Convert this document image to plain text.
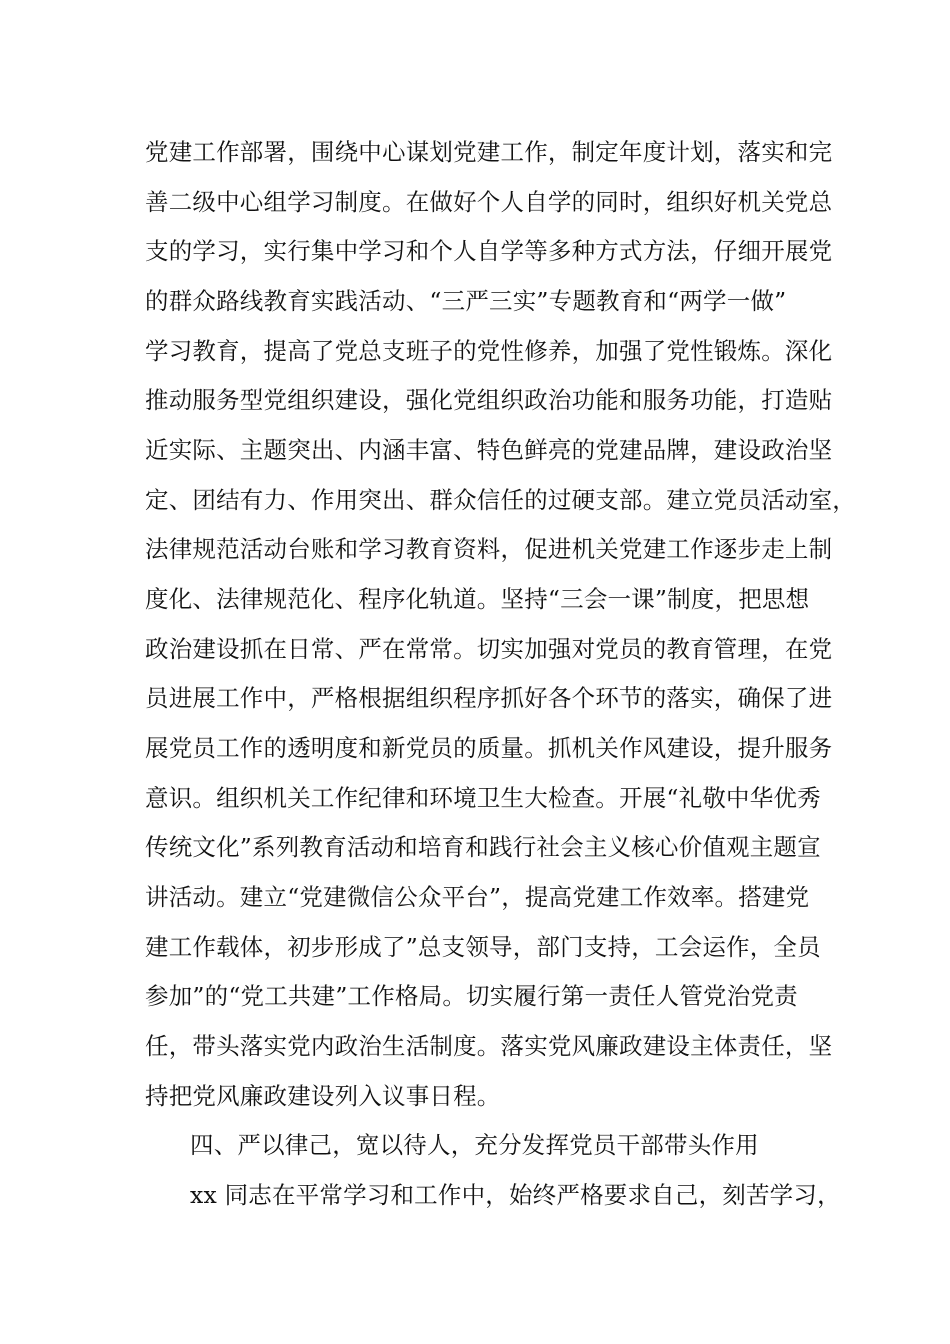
党建工作部署，围绕中心谋划党建工作，制定年度计划，落实和完
善二级中心组学习制度。在做好个人自学的同时，组织好机关党总
支的学习，实行集中学习和个人自学等多种方式方法，仔细开展党
的群众路线教育实践活动、“三严三实”专题教育和“两学一做”
学习教育，提高了党总支班子的党性修养，加强了党性锻炼。深化
推动服务型党组织建设，强化党组织政治功能和服务功能，打造贴
近实际、主题突出、内涵丰富、特色鲜亮的党建品牌，建设政治坚
定、团结有力、作用突出、群众信任的过硬支部。建立党员活动室，
法律规范活动台账和学习教育资料，促进机关党建工作逐步走上制
度化、法律规范化、程序化轨道。坚持“三会一课”制度，把思想
政治建设抓在日常、严在常常。切实加强对党员的教育管理，在党
员进展工作中，严格根据组织程序抓好各个环节的落实，确保了进
展党员工作的透明度和新党员的质量。抓机关作风建设，提升服务
意识。组织机关工作纪律和环境卫生大检查。开展“礼敬中华优秀
传统文化”系列教育活动和培育和践行社会主义核心价值观主题宣
讲活动。建立“党建微信公众平台”，提高党建工作效率。搭建党
建工作载体，初步形成了”总支领导，部门支持，工会运作，全员
参加”的“党工共建”工作格局。切实履行第一责任人管党治党责
任，带头落实党内政治生活制度。落实党风廉政建设主体责任，坚
持把党风廉政建设列入议事日程。
四、严以律己，宽以待人，充分发挥党员干部带头作用
xx 同志在平常学习和工作中，始终严格要求自己，刻苦学习，
